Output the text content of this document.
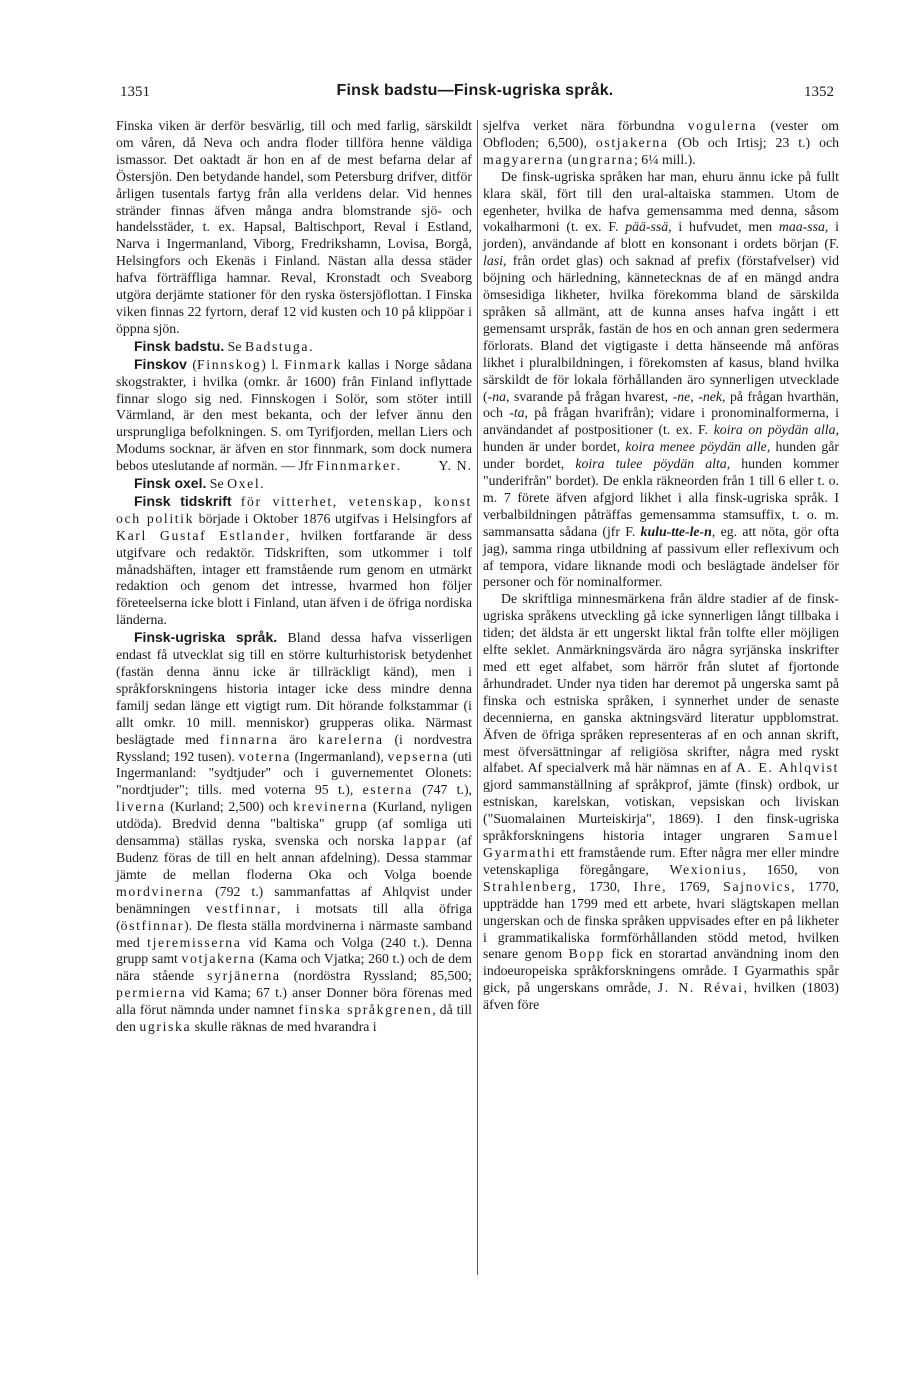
1351	Finsk badstu—Finsk-ugriska språk.	1352

Finska viken är derför besvärlig, till och med farlig, särskildt om våren, då Neva och andra floder tillföra henne väldiga ismassor. Det oaktadt är hon en af de mest befarna delar af Östersjön. Den betydande handel, som Petersburg drifver, ditför årligen tusentals fartyg från alla verldens delar. Vid hennes stränder finnas äfven många andra blomstrande sjö- och handelsstäder, t. ex. Hapsal, Baltischport, Reval i Estland, Narva i Ingermanland, Viborg, Fredrikshamn, Lovisa, Borgå, Helsingfors och Ekenäs i Finland. Nästan alla dessa städer hafva förträffliga hamnar. Reval, Kronstadt och Sveaborg utgöra derjämte stationer för den ryska östersjöflottan. I Finska viken finnas 22 fyrtorn, deraf 12 vid kusten och 10 på klippöar i öppna sjön.

Finsk badstu. Se Badstuga.

Finskov (Finnskog) l. Finmark kallas i Norge sådana skogstrakter, i hvilka (omkr. år 1600) från Finland inflyttade finnar slogo sig ned. Finnskogen i Solör, som stöter intill Värmland, är den mest bekanta, och der lefver ännu den ursprungliga befolkningen. S. om Tyrifjorden, mellan Liers och Modums socknar, är äfven en stor finnmark, som dock numera bebos uteslutande af normän. — Jfr Finnmarker.	Y. N.

Finsk oxel. Se Oxel.

Finsk tidskrift för vitterhet, vetenskap, konst och politik började i Oktober 1876 utgifvas i Helsingfors af Karl Gustaf Estlander, hvilken fortfarande är dess utgifvare och redaktör. Tidskriften, som utkommer i tolf månadshäften, intager ett framstående rum genom en utmärkt redaktion och genom det intresse, hvarmed hon följer företeelserna icke blott i Finland, utan äfven i de öfriga nordiska länderna.

Finsk-ugriska språk. Bland dessa hafva visserligen endast få utvecklat sig till en större kulturhistorisk betydenhet (fastän denna ännu icke är tillräckligt känd), men i språkforskningens historia intager icke dess mindre denna familj sedan länge ett vigtigt rum. Dit hörande folkstammar (i allt omkr. 10 mill. menniskor) grupperas olika. Närmast beslägtade med finnarna äro karelerna (i nordvestra Ryssland; 192 tusen). voterna (Ingermanland), vepserna (uti Ingermanland: "sydtjuder" och i guvernementet Olonets: "nordtjuder"; tills. med voterna 95 t.), esterna (747 t.), liverna (Kurland; 2,500) och krevinerna (Kurland, nyligen utdöda). Bredvid denna "baltiska" grupp (af somliga uti densamma) ställas ryska, svenska och norska lappar (af Budenz föras de till en helt annan afdelning). Dessa stammar jämte de mellan floderna Oka och Volga boende mordvinerna (792 t.) sammanfattas af Ahlqvist under benämningen vestfinnar, i motsats till alla öfriga (östfinnar). De flesta ställa mordvinerna i närmaste samband med tjeremisserna vid Kama och Volga (240 t.). Denna grupp samt votjakerna (Kama och Vjatka; 260 t.) och de dem nära stående syrjänerna (nordöstra Ryssland; 85,500; permierna vid Kama; 67 t.) anser Donner böra förenas med alla förut nämnda under namnet finska språkgrenen, då till den ugriska skulle räknas de med hvarandra i

sjelfva verket nära förbundna vogulerna (vester om Obfloden; 6,500), ostjakerna (Ob och Irtisj; 23 t.) och magyarerna (ungrarna; 6¼ mill.).

De finsk-ugriska språken har man, ehuru ännu icke på fullt klara skäl, fört till den ural-altaiska stammen. Utom de egenheter, hvilka de hafva gemensamma med denna, såsom vokalharmoni (t. ex. F. pää-ssä, i hufvudet, men maa-ssa, i jorden), användande af blott en konsonant i ordets början (F. lasi, från ordet glas) och saknad af prefix (förstafvelser) vid böjning och härledning, kännetecknas de af en mängd andra ömsesidiga likheter, hvilka förekomma bland de särskilda språken så allmänt, att de kunna anses hafva ingått i ett gemensamt urspråk, fastän de hos en och annan gren sedermera förlorats. Bland det vigtigaste i detta hänseende må anföras likhet i pluralbildningen, i förekomsten af kasus, bland hvilka särskildt de för lokala förhållanden äro synnerligen utvecklade (-na, svarande på frågan hvarest, -ne, -nek, på frågan hvarthän, och -ta, på frågan hvarifrån); vidare i pronominalformerna, i användandet af postpositioner (t. ex. F. koira on pöydän alla, hunden är under bordet, koira menee pöydän alle, hunden går under bordet, koira tulee pöydän alta, hunden kommer "underifrån" bordet). De enkla räkneorden från 1 till 6 eller t. o. m. 7 förete äfven afgjord likhet i alla finsk-ugriska språk. I verbalbildningen påträffas gemensamma stamsuffix, t. o. m. sammansatta sådana (jfr F. kulu-tte-le-n, eg. att nöta, gör ofta jag), samma ringa utbildning af passivum eller reflexivum och af tempora, vidare liknande modi och beslägtade ändelser för personer och för nominalformer.

De skriftliga minnesmärkena från äldre stadier af de finsk-ugriska språkens utveckling gå icke synnerligen långt tillbaka i tiden; det äldsta är ett ungerskt liktal från tolfte eller möjligen elfte seklet. Anmärkningsvärda äro några syrjänska inskrifter med ett eget alfabet, som härrör från slutet af fjortonde århundradet. Under nya tiden har deremot på ungerska samt på finska och estniska språken, i synnerhet under de senaste decennierna, en ganska aktningsvärd literatur uppblomstrat. Äfven de öfriga språken representeras af en och annan skrift, mest öfversättningar af religiösa skrifter, några med ryskt alfabet. Af specialverk må här nämnas en af A. E. Ahlqvist gjord sammanställning af språkprof, jämte (finsk) ordbok, ur estniskan, karelskan, votiskan, vepsiskan och liviskan ("Suomalainen Murteiskirja", 1869). I den finsk-ugriska språkforskningens historia intager ungraren Samuel Gyarmathi ett framstående rum. Efter några mer eller mindre vetenskapliga föregångare, Wexionius, 1650, von Strahlenberg, 1730, Ihre, 1769, Sajnovics, 1770, uppträdde han 1799 med ett arbete, hvari slägtskapen mellan ungerskan och de finska språken uppvisades efter en på likheter i grammatikaliska formförhållanden stödd metod, hvilken senare genom Bopp fick en storartad användning inom den indoeuropeiska språkforskningens område. I Gyarmathis spår gick, på ungerskans område, J. N. Révai, hvilken (1803) äfven före
